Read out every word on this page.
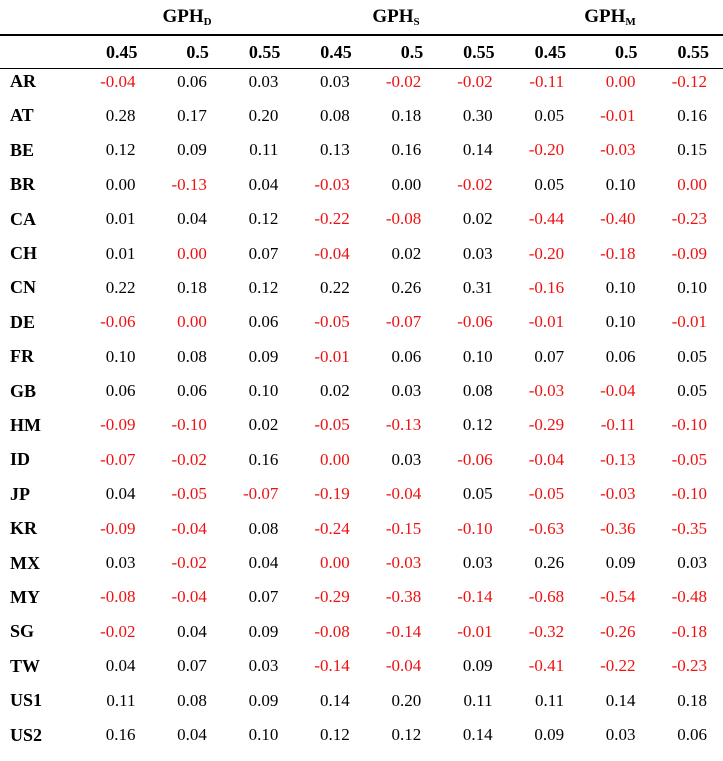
$GPH_D$	$GPH_S$	$GPH_M$
	0.45	0.5	0.55	0.45	0.5	0.55	0.45	0.5	0.55
AR	-0.04	0.06	0.03	0.03	-0.02	-0.02	-0.11	0.00	-0.12
AT	0.28	0.17	0.20	0.08	0.18	0.30	0.05	-0.01	0.16
BE	0.12	0.09	0.11	0.13	0.16	0.14	-0.20	-0.03	0.15
BR	0.00	-0.13	0.04	-0.03	0.00	-0.02	0.05	0.10	0.00
CA	0.01	0.04	0.12	-0.22	-0.08	0.02	-0.44	-0.40	-0.23
CH	0.01	0.00	0.07	-0.04	0.02	0.03	-0.20	-0.18	-0.09
CN	0.22	0.18	0.12	0.22	0.26	0.31	-0.16	0.10	0.10
DE	-0.06	0.00	0.06	-0.05	-0.07	-0.06	-0.01	0.10	-0.01
FR	0.10	0.08	0.09	-0.01	0.06	0.10	0.07	0.06	0.05
GB	0.06	0.06	0.10	0.02	0.03	0.08	-0.03	-0.04	0.05
HM	-0.09	-0.10	0.02	-0.05	-0.13	0.12	-0.29	-0.11	-0.10
ID	-0.07	-0.02	0.16	0.00	0.03	-0.06	-0.04	-0.13	-0.05
JP	0.04	-0.05	-0.07	-0.19	-0.04	0.05	-0.05	-0.03	-0.10
KR	-0.09	-0.04	0.08	-0.24	-0.15	-0.10	-0.63	-0.36	-0.35
MX	0.03	-0.02	0.04	0.00	-0.03	0.03	0.26	0.09	0.03
MY	-0.08	-0.04	0.07	-0.29	-0.38	-0.14	-0.68	-0.54	-0.48
SG	-0.02	0.04	0.09	-0.08	-0.14	-0.01	-0.32	-0.26	-0.18
TW	0.04	0.07	0.03	-0.14	-0.04	0.09	-0.41	-0.22	-0.23
US1	0.11	0.08	0.09	0.14	0.20	0.11	0.11	0.14	0.18
US2	0.16	0.04	0.10	0.12	0.12	0.14	0.09	0.03	0.06
